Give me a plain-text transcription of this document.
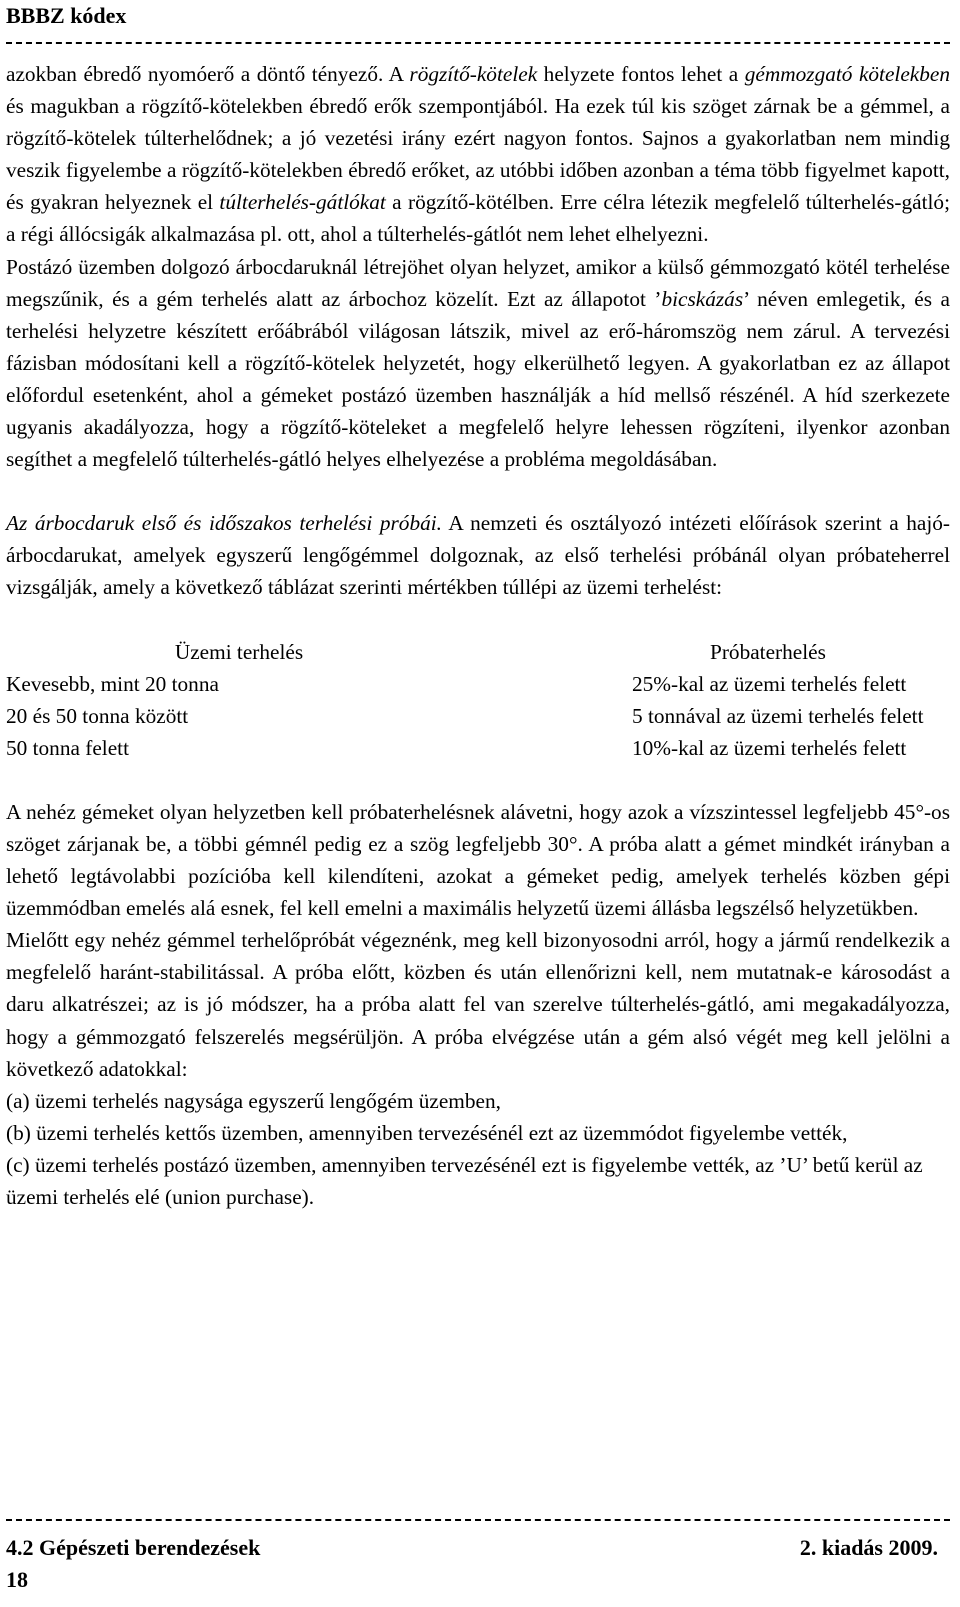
BBBZ kódex

azokban ébredő nyomóerő a döntő tényező. A rögzítő-kötelek helyzete fontos lehet a gémmozgató kötelekben és magukban a rögzítő-kötelekben ébredő erők szempontjából. Ha ezek túl kis szöget zárnak be a gémmel, a rögzítő-kötelek túlterhelődnek; a jó vezetési irány ezért nagyon fontos. Sajnos a gyakorlatban nem mindig veszik figyelembe a rögzítő-kötelekben ébredő erőket, az utóbbi időben azonban a téma több figyelmet kapott, és gyakran helyeznek el túlterhelés-gátlókat a rögzítő-kötélben. Erre célra létezik megfelelő túlterhelés-gátló; a régi állócsigák alkalmazása pl. ott, ahol a túlterhelés-gátlót nem lehet elhelyezni.

Postázó üzemben dolgozó árbocdaruknál létrejöhet olyan helyzet, amikor a külső gémmozgató kötél terhelése megszűnik, és a gém terhelés alatt az árbochoz közelít. Ezt az állapotot ’bicskázás’ néven emlegetik, és a terhelési helyzetre készített erőábrából világosan látszik, mivel az erő-háromszög nem zárul. A tervezési fázisban módosítani kell a rögzítő-kötelek helyzetét, hogy elkerülhető legyen. A gyakorlatban ez az állapot előfordul esetenként, ahol a gémeket postázó üzemben használják a híd mellső részénél. A híd szerkezete ugyanis akadályozza, hogy a rögzítő-köteleket a megfelelő helyre lehessen rögzíteni, ilyenkor azonban segíthet a megfelelő túlterhelés-gátló helyes elhelyezése a probléma megoldásában.

Az árbocdaruk első és időszakos terhelési próbái. A nemzeti és osztályozó intézeti előírások szerint a hajó-árbocdarukat, amelyek egyszerű lengőgémmel dolgoznak, az első terhelési próbánál olyan próbateherrel vizsgálják, amely a következő táblázat szerinti mértékben túllépi az üzemi terhelést:

Üzemi terhelés	Próbaterhelés
Kevesebb, mint 20 tonna	25%-kal az üzemi terhelés felett
20 és 50 tonna között	5 tonnával az üzemi terhelés felett
50 tonna felett	10%-kal az üzemi terhelés felett

A nehéz gémeket olyan helyzetben kell próbaterhelésnek alávetni, hogy azok a vízszintessel legfeljebb 45°-os szöget zárjanak be, a többi gémnél pedig ez a szög legfeljebb 30°. A próba alatt a gémet mindkét irányban a lehető legtávolabbi pozícióba kell kilendíteni, azokat a gémeket pedig, amelyek terhelés közben gépi üzemmódban emelés alá esnek, fel kell emelni a maximális helyzetű üzemi állásba legszélső helyzetükben.

Mielőtt egy nehéz gémmel terhelőpróbát végeznénk, meg kell bizonyosodni arról, hogy a jármű rendelkezik a megfelelő haránt-stabilitással. A próba előtt, közben és után ellenőrizni kell, nem mutatnak-e károsodást a daru alkatrészei; az is jó módszer, ha a próba alatt fel van szerelve túlterhelés-gátló, ami megakadályozza, hogy a gémmozgató felszerelés megsérüljön. A próba elvégzése után a gém alsó végét meg kell jelölni a következő adatokkal:

(a) üzemi terhelés nagysága egyszerű lengőgém üzemben,

(b) üzemi terhelés kettős üzemben, amennyiben tervezésénél ezt az üzemmódot figyelembe vették,

(c) üzemi terhelés postázó üzemben, amennyiben tervezésénél ezt is figyelembe vették, az ’U’ betű kerül az üzemi terhelés elé (union purchase).

4.2 Gépészeti berendezések	2. kiadás 2009.
18
